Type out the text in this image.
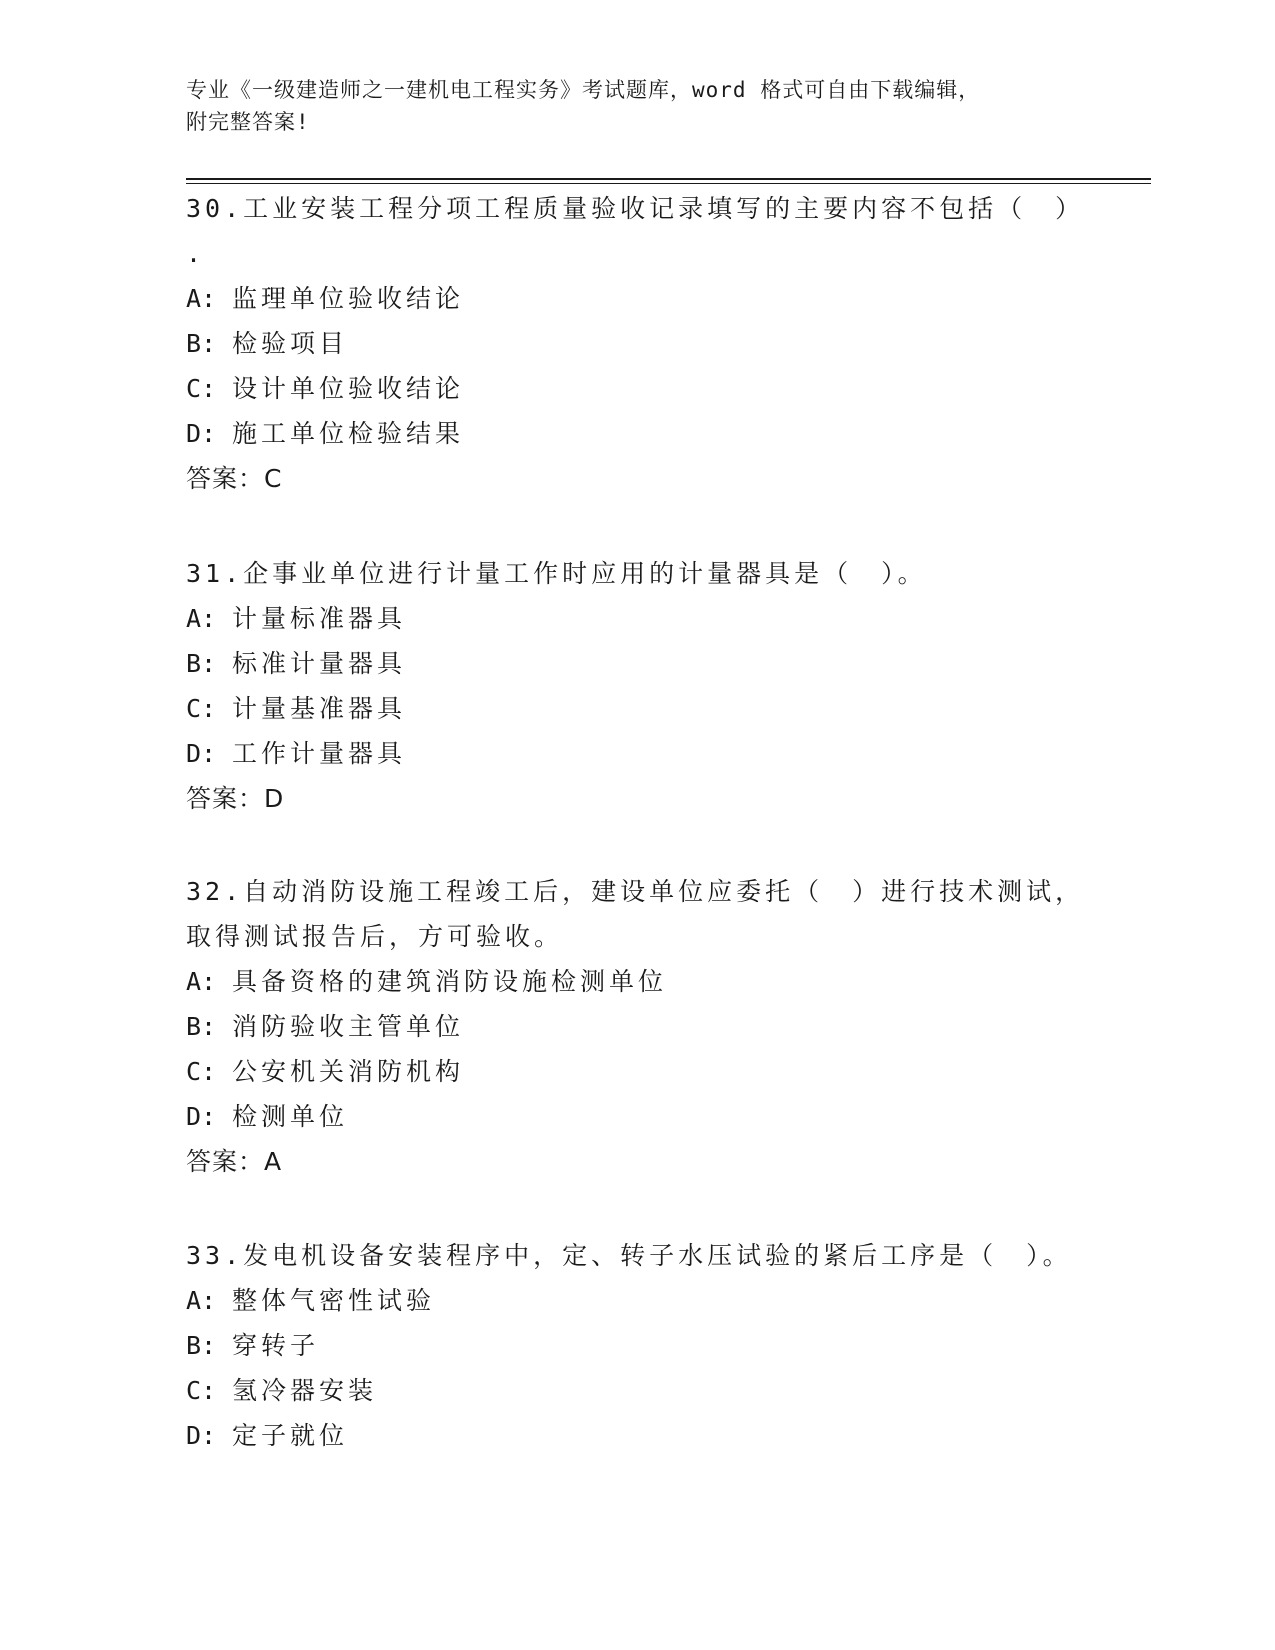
专业《一级建造师之一建机电工程实务》考试题库，word 格式可自由下载编辑，
附完整答案!
30.工业安装工程分项工程质量验收记录填写的主要内容不包括（　）
.
A: 监理单位验收结论
B: 检验项目
C: 设计单位验收结论
D: 施工单位检验结果
答案：C
31.企事业单位进行计量工作时应用的计量器具是（　）。
A: 计量标准器具
B: 标准计量器具
C: 计量基准器具
D: 工作计量器具
答案：D
32.自动消防设施工程竣工后，建设单位应委托（　）进行技术测试，
取得测试报告后，方可验收。
A: 具备资格的建筑消防设施检测单位
B: 消防验收主管单位
C: 公安机关消防机构
D: 检测单位
答案：A
33.发电机设备安装程序中，定、转子水压试验的紧后工序是（　）。
A: 整体气密性试验
B: 穿转子
C: 氢冷器安装
D: 定子就位
